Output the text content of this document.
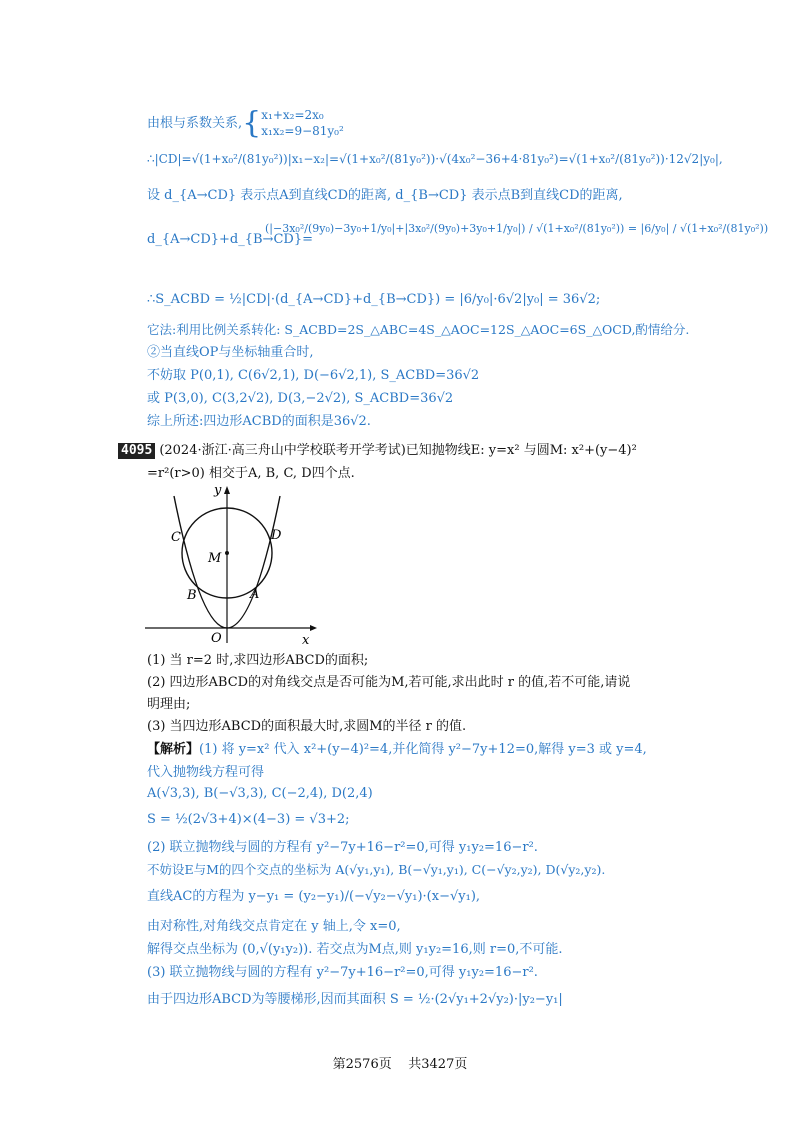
由根与系数关系,{x₁+x₂=2x₀
x₁x₂=9−81y₀²
∴|CD|=√(1+x₀²/(81y₀²))|x₁−x₂|=√(1+x₀²/(81y₀²))·√(4x₀²−36+4·81y₀²)=√(1+x₀²/(81y₀²))·12√2|y₀|,
设 d_{A→CD} 表示点A到直线CD的距离, d_{B→CD} 表示点B到直线CD的距离,
d_{A→CD}+d_{B→CD}=
(|−3x₀²/(9y₀)−3y₀+1/y₀|+|3x₀²/(9y₀)+3y₀+1/y₀|) / √(1+x₀²/(81y₀²)) = |6/y₀| / √(1+x₀²/(81y₀²))
∴S_ACBD = ½|CD|·(d_{A→CD}+d_{B→CD}) = |6/y₀|·6√2|y₀| = 36√2;
它法:利用比例关系转化: S_ACBD=2S_△ABC=4S_△AOC=12S_△AOC=6S_△OCD,酌情给分.
②当直线OP与坐标轴重合时,
不妨取 P(0,1), C(6√2,1), D(−6√2,1), S_ACBD=36√2
或 P(3,0), C(3,2√2), D(3,−2√2), S_ACBD=36√2
综上所述:四边形ACBD的面积是36√2.
4095 (2024·浙江·高三舟山中学校联考开学考试)已知抛物线E: y=x² 与圆M: x²+(y−4)²
=r²(r>0) 相交于A, B, C, D四个点.
y
x
O
M
C	D
B	A
(1) 当 r=2 时,求四边形ABCD的面积;
(2) 四边形ABCD的对角线交点是否可能为M,若可能,求出此时 r 的值,若不可能,请说
明理由;
(3) 当四边形ABCD的面积最大时,求圆M的半径 r 的值.
【解析】(1) 将 y=x² 代入 x²+(y−4)²=4,并化简得 y²−7y+12=0,解得 y=3 或 y=4,
代入抛物线方程可得
A(√3,3), B(−√3,3), C(−2,4), D(2,4)
S = ½(2√3+4)×(4−3) = √3+2;
(2) 联立抛物线与圆的方程有 y²−7y+16−r²=0,可得 y₁y₂=16−r².
不妨设E与M的四个交点的坐标为 A(√y₁,y₁), B(−√y₁,y₁), C(−√y₂,y₂), D(√y₂,y₂).
直线AC的方程为 y−y₁ = (y₂−y₁)/(−√y₂−√y₁)·(x−√y₁),
由对称性,对角线交点肯定在 y 轴上,令 x=0,
解得交点坐标为 (0,√(y₁y₂)). 若交点为M点,则 y₁y₂=16,则 r=0,不可能.
(3) 联立抛物线与圆的方程有 y²−7y+16−r²=0,可得 y₁y₂=16−r².
由于四边形ABCD为等腰梯形,因而其面积 S = ½·(2√y₁+2√y₂)·|y₂−y₁|
第2576页 共3427页
